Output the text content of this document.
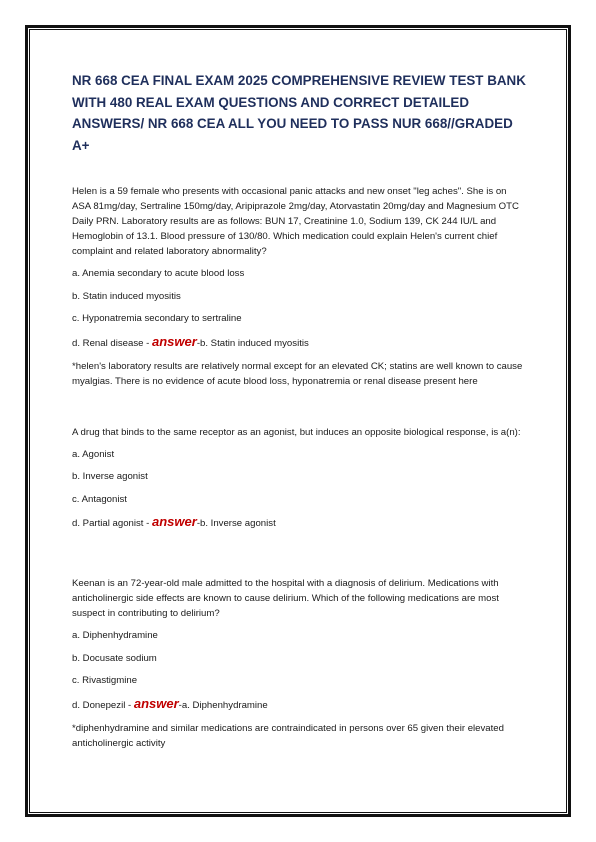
NR 668 CEA FINAL EXAM 2025 COMPREHENSIVE REVIEW TEST BANK WITH 480 REAL EXAM QUESTIONS AND CORRECT DETAILED ANSWERS/ NR 668 CEA ALL YOU NEED TO PASS NUR 668//GRADED A+

Helen is a 59 female who presents with occasional panic attacks and new onset "leg aches". She is on ASA 81mg/day, Sertraline 150mg/day, Aripiprazole 2mg/day, Atorvastatin 20mg/day and Magnesium OTC Daily PRN. Laboratory results are as follows: BUN 17, Creatinine 1.0, Sodium 139, CK 244 IU/L and Hemoglobin of 13.1. Blood pressure of 130/80. Which medication could explain Helen's current chief complaint and related laboratory abnormality?

a. Anemia secondary to acute blood loss

b. Statin induced myositis

c. Hyponatremia secondary to sertraline

d. Renal disease - answer-b. Statin induced myositis

*helen's laboratory results are relatively normal except for an elevated CK; statins are well known to cause myalgias. There is no evidence of acute blood loss, hyponatremia or renal disease present here

A drug that binds to the same receptor as an agonist, but induces an opposite biological response, is a(n):

a. Agonist

b. Inverse agonist

c. Antagonist

d. Partial agonist - answer-b. Inverse agonist

Keenan is an 72-year-old male admitted to the hospital with a diagnosis of delirium. Medications with anticholinergic side effects are known to cause delirium. Which of the following medications are most suspect in contributing to delirium?

a. Diphenhydramine

b. Docusate sodium

c. Rivastigmine

d. Donepezil - answer-a. Diphenhydramine

*diphenhydramine and similar medications are contraindicated in persons over 65 given their elevated anticholinergic activity
